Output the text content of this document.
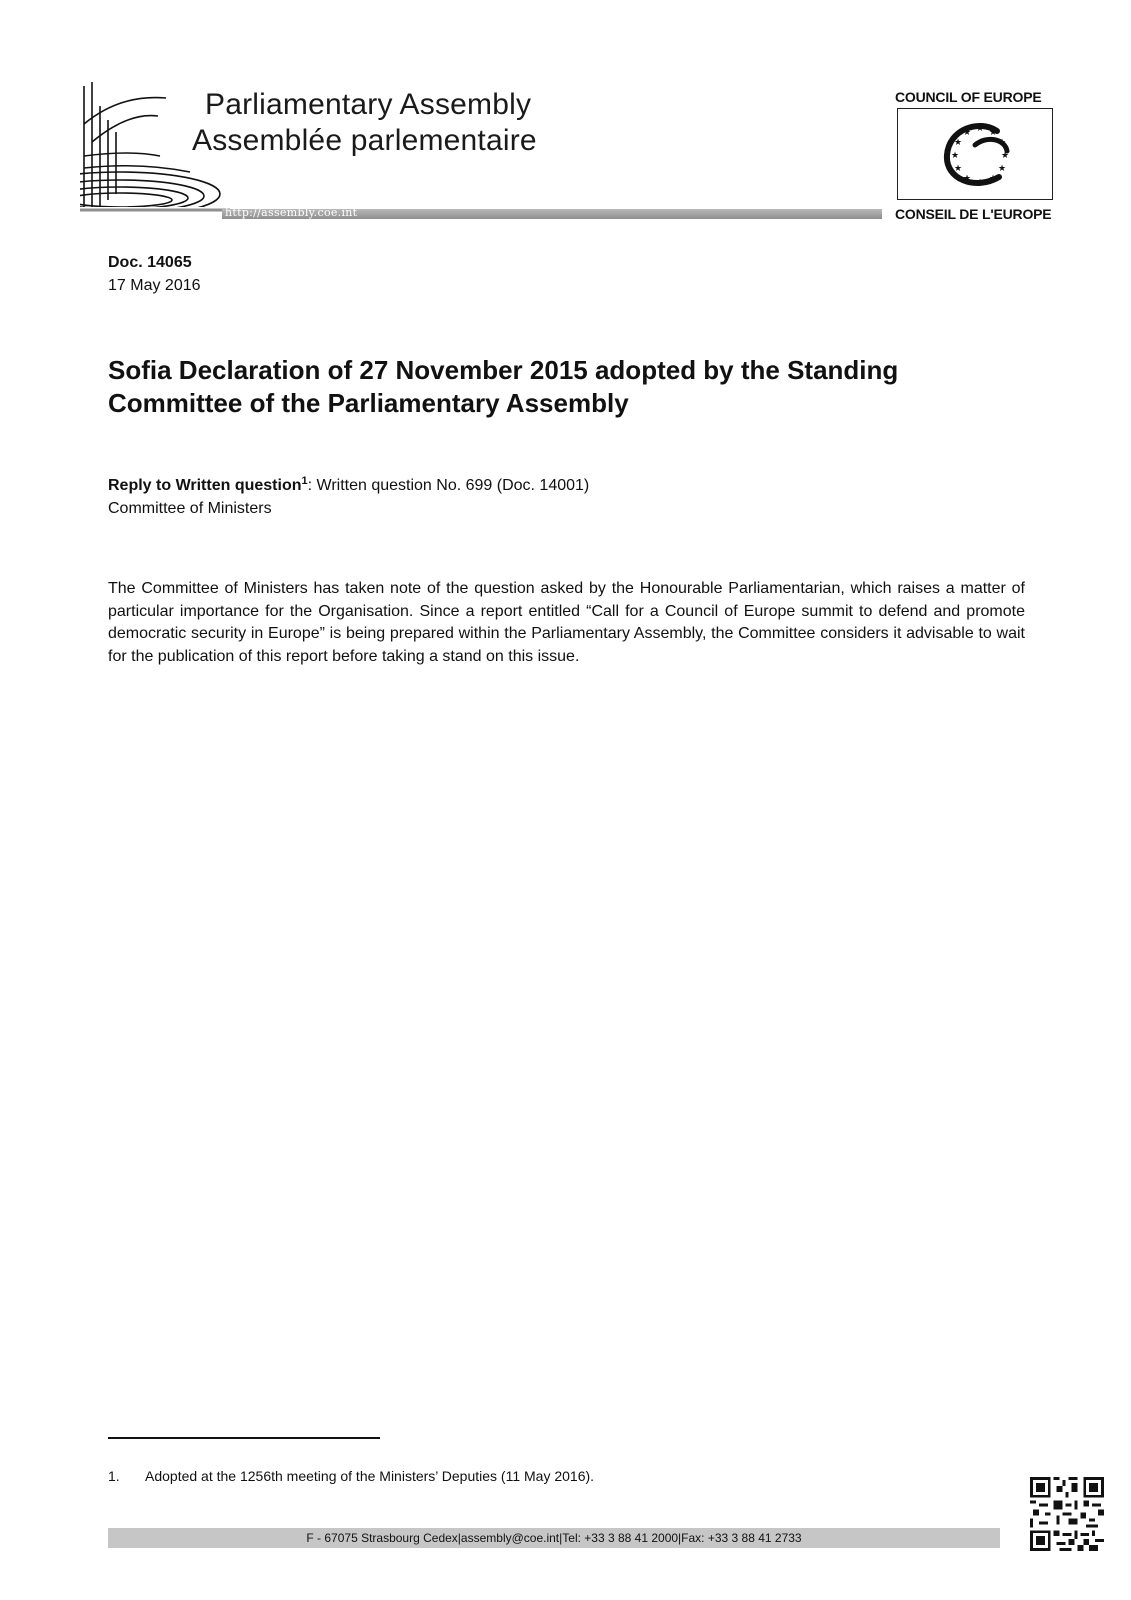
Parliamentary Assembly
Assemblée parlementaire
http://assembly.coe.int
COUNCIL OF EUROPE
★ ★
★
★
★
★
★
★
★
★
★
★
CONSEIL DE L'EUROPE
Doc. 14065
17 May 2016
Sofia Declaration of 27 November 2015 adopted by the Standing Committee of the Parliamentary Assembly
Reply to Written question$^1$: Written question No. 699 (Doc. 14001)
Committee of Ministers

The Committee of Ministers has taken note of the question asked by the Honourable Parliamentarian, which raises a matter of particular importance for the Organisation. Since a report entitled “Call for a Council of Europe summit to defend and promote democratic security in Europe” is being prepared within the Parliamentary Assembly, the Committee considers it advisable to wait for the publication of this report before taking a stand on this issue.

1. Adopted at the 1256th meeting of the Ministers’ Deputies (11 May 2016).
F - 67075 Strasbourg Cedex | assembly@coe.int | Tel: +33 3 88 41 2000 | Fax: +33 3 88 41 2733
